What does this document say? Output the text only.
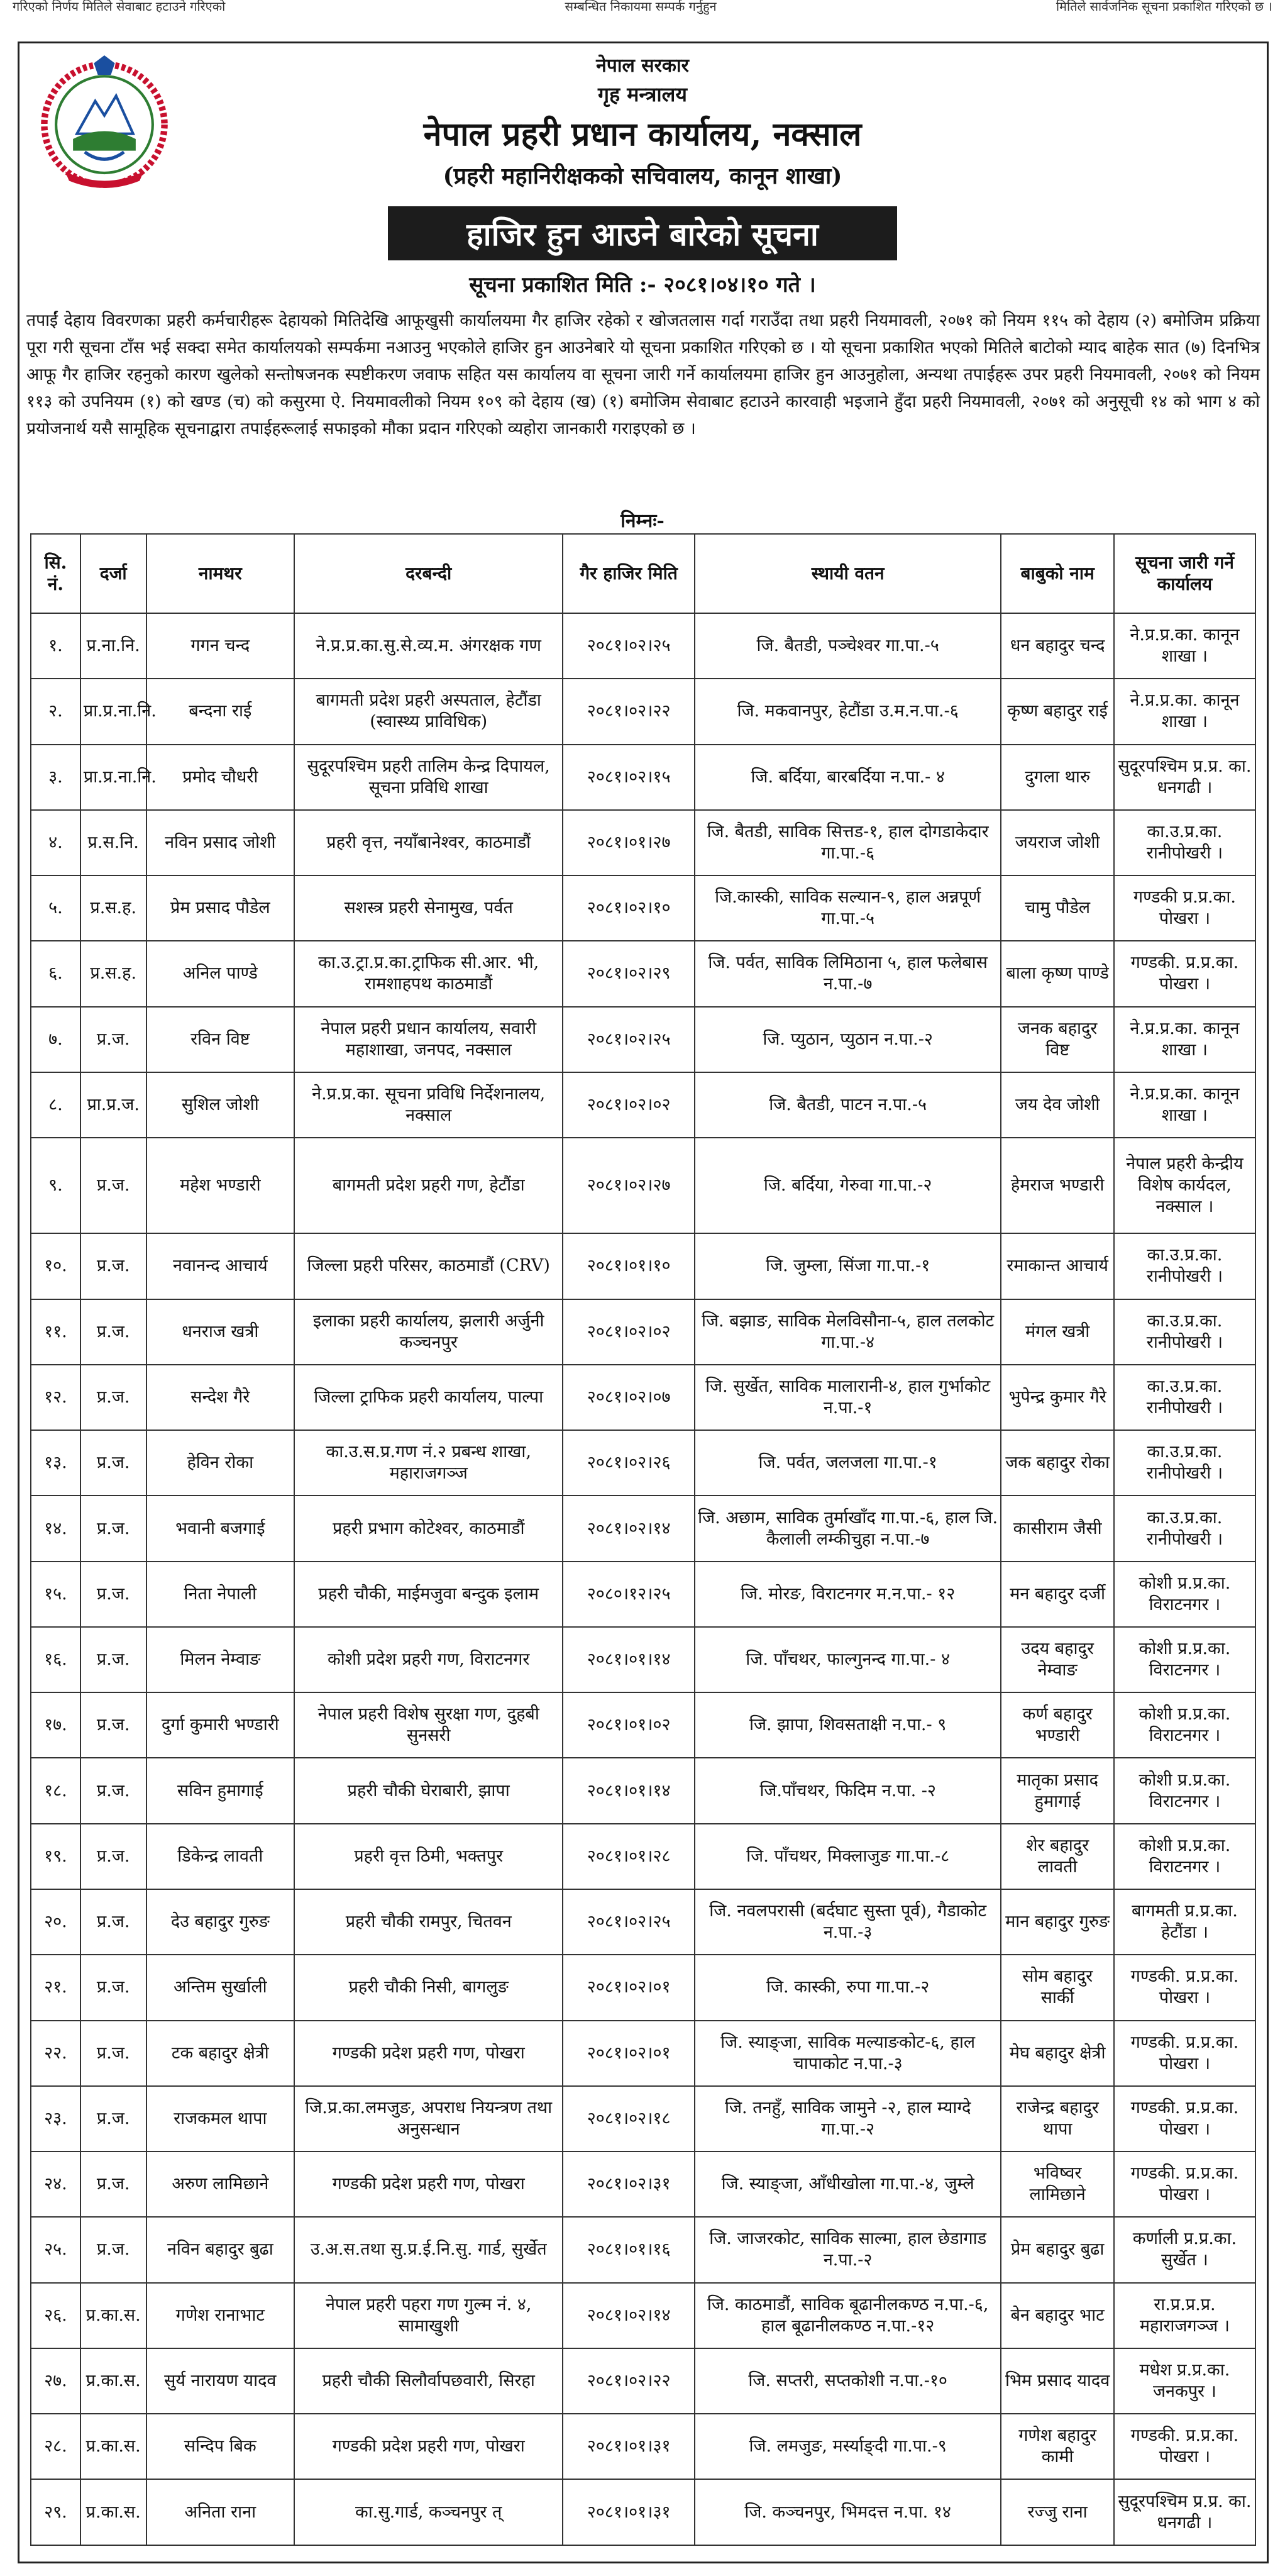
गरिएको निर्णय मितिले सेवाबाट हटाउने गरिएको	सम्बन्धित निकायमा सम्पर्क गर्नुहुन	मितिले सार्वजनिक सूचना प्रकाशित गरिएको छ ।
नेपाल सरकार
गृह मन्त्रालय
नेपाल प्रहरी प्रधान कार्यालय, नक्साल
(प्रहरी महानिरीक्षकको सचिवालय, कानून शाखा)
हाजिर हुन आउने बारेको सूचना
सूचना प्रकाशित मिति :- २०८१।०४।१० गते ।

तपाईं देहाय विवरणका प्रहरी कर्मचारीहरू देहायको मितिदेखि आफूखुसी कार्यालयमा गैर हाजिर रहेको र खोजतलास गर्दा गराउँदा तथा प्रहरी नियमावली, २०७१ को नियम ११५ को देहाय (२) बमोजिम प्रक्रिया पूरा गरी सूचना टाँस भई सक्दा समेत कार्यालयको सम्पर्कमा नआउनु भएकोले हाजिर हुन आउनेबारे यो सूचना प्रकाशित गरिएको छ । यो सूचना प्रकाशित भएको मितिले बाटोको म्याद बाहेक सात (७) दिनभित्र आफू गैर हाजिर रहनुको कारण खुलेको सन्तोषजनक स्पष्टीकरण जवाफ सहित यस कार्यालय वा सूचना जारी गर्ने कार्यालयमा हाजिर हुन आउनुहोला, अन्यथा तपाईहरू उपर प्रहरी नियमावली, २०७१ को नियम ११३ को उपनियम (१) को खण्ड (च) को कसुरमा ऐ. नियमावलीको नियम १०९ को देहाय (ख) (१) बमोजिम सेवाबाट हटाउने कारवाही भइजाने हुँदा प्रहरी नियमावली, २०७१ को अनुसूची १४ को भाग ४ को प्रयोजनार्थ यसै सामूहिक सूचनाद्वारा तपाईहरूलाई सफाइको मौका प्रदान गरिएको व्यहोरा जानकारी गराइएको छ ।

निम्नः-
सि. नं.	दर्जा	नामथर	दरबन्दी	गैर हाजिर मिति	स्थायी वतन	बाबुको नाम	सूचना जारी गर्ने कार्यालय
१.	प्र.ना.नि.	गगन चन्द	ने.प्र.प्र.का.सु.से.व्य.म. अंगरक्षक गण	२०८१।०२।२५	जि. बैतडी, पञ्चेश्वर गा.पा.-५	धन बहादुर चन्द	ने.प्र.प्र.का. कानून शाखा ।
२.	प्रा.प्र.ना.नि.	बन्दना राई	बागमती प्रदेश प्रहरी अस्पताल, हेटौंडा (स्वास्थ्य प्राविधिक)	२०८१।०२।२२	जि. मकवानपुर, हेटौंडा उ.म.न.पा.-६	कृष्ण बहादुर राई	ने.प्र.प्र.का. कानून शाखा ।
३.	प्रा.प्र.ना.नि.	प्रमोद चौधरी	सुदूरपश्चिम प्रहरी तालिम केन्द्र दिपायल, सूचना प्रविधि शाखा	२०८१।०२।१५	जि. बर्दिया, बारबर्दिया न.पा.- ४	दुगला थारु	सुदूरपश्चिम प्र.प्र. का. धनगढी ।
४.	प्र.स.नि.	नविन प्रसाद जोशी	प्रहरी वृत्त, नयाँबानेश्वर, काठमाडौं	२०८१।०१।२७	जि. बैतडी, साविक सित्तड-१, हाल दोगडाकेदार गा.पा.-६	जयराज जोशी	का.उ.प्र.का. रानीपोखरी ।
५.	प्र.स.ह.	प्रेम प्रसाद पौडेल	सशस्त्र प्रहरी सेनामुख, पर्वत	२०८१।०२।१०	जि.कास्की, साविक सल्यान-९, हाल अन्नपूर्ण गा.पा.-५	चामु पौडेल	गण्डकी प्र.प्र.का. पोखरा ।
६.	प्र.स.ह.	अनिल पाण्डे	का.उ.ट्रा.प्र.का.ट्राफिक सी.आर. भी, रामशाहपथ काठमाडौं	२०८१।०२।२९	जि. पर्वत, साविक लिमिठाना ५, हाल फलेबास न.पा.-७	बाला कृष्ण पाण्डे	गण्डकी. प्र.प्र.का. पोखरा ।
७.	प्र.ज.	रविन विष्ट	नेपाल प्रहरी प्रधान कार्यालय, सवारी महाशाखा, जनपद, नक्साल	२०८१।०२।२५	जि. प्युठान, प्युठान न.पा.-२	जनक बहादुर विष्ट	ने.प्र.प्र.का. कानून शाखा ।
८.	प्रा.प्र.ज.	सुशिल जोशी	ने.प्र.प्र.का. सूचना प्रविधि निर्देशनालय, नक्साल	२०८१।०२।०२	जि. बैतडी, पाटन न.पा.-५	जय देव जोशी	ने.प्र.प्र.का. कानून शाखा ।
९.	प्र.ज.	महेश भण्डारी	बागमती प्रदेश प्रहरी गण, हेटौंडा	२०८१।०२।२७	जि. बर्दिया, गेरुवा गा.पा.-२	हेमराज भण्डारी	नेपाल प्रहरी केन्द्रीय विशेष कार्यदल, नक्साल ।
१०.	प्र.ज.	नवानन्द आचार्य	जिल्ला प्रहरी परिसर, काठमाडौं (CRV)	२०८१।०१।१०	जि. जुम्ला, सिंजा गा.पा.-१	रमाकान्त आचार्य	का.उ.प्र.का. रानीपोखरी ।
११.	प्र.ज.	धनराज खत्री	इलाका प्रहरी कार्यालय, झलारी अर्जुनी कञ्चनपुर	२०८१।०२।०२	जि. बझाङ, साविक मेलविसौना-५, हाल तलकोट गा.पा.-४	मंगल खत्री	का.उ.प्र.का. रानीपोखरी ।
१२.	प्र.ज.	सन्देश गैरे	जिल्ला ट्राफिक प्रहरी कार्यालय, पाल्पा	२०८१।०२।०७	जि. सुर्खेत, साविक मालारानी-४, हाल गुर्भाकोट न.पा.-१	भुपेन्द्र कुमार गैरे	का.उ.प्र.का. रानीपोखरी ।
१३.	प्र.ज.	हेविन रोका	का.उ.स.प्र.गण नं.२ प्रबन्ध शाखा, महाराजगञ्ज	२०८१।०२।२६	जि. पर्वत, जलजला गा.पा.-१	जक बहादुर रोका	का.उ.प्र.का. रानीपोखरी ।
१४.	प्र.ज.	भवानी बजगाई	प्रहरी प्रभाग कोटेश्वर, काठमाडौं	२०८१।०२।१४	जि. अछाम, साविक तुर्माखाँद गा.पा.-६, हाल जि. कैलाली लम्कीचुहा न.पा.-७	कासीराम जैसी	का.उ.प्र.का. रानीपोखरी ।
१५.	प्र.ज.	निता नेपाली	प्रहरी चौकी, माईमजुवा बन्दुक इलाम	२०८०।१२।२५	जि. मोरङ, विराटनगर म.न.पा.- १२	मन बहादुर दर्जी	कोशी प्र.प्र.का. विराटनगर ।
१६.	प्र.ज.	मिलन नेम्वाङ	कोशी प्रदेश प्रहरी गण, विराटनगर	२०८१।०१।१४	जि. पाँचथर, फाल्गुनन्द गा.पा.- ४	उदय बहादुर नेम्वाङ	कोशी प्र.प्र.का. विराटनगर ।
१७.	प्र.ज.	दुर्गा कुमारी भण्डारी	नेपाल प्रहरी विशेष सुरक्षा गण, दुहबी सुनसरी	२०८१।०१।०२	जि. झापा, शिवसताक्षी न.पा.- ९	कर्ण बहादुर भण्डारी	कोशी प्र.प्र.का. विराटनगर ।
१८.	प्र.ज.	सविन हुमागाई	प्रहरी चौकी घेराबारी, झापा	२०८१।०१।१४	जि.पाँचथर, फिदिम न.पा. -२	मातृका प्रसाद हुमागाई	कोशी प्र.प्र.का. विराटनगर ।
१९.	प्र.ज.	डिकेन्द्र लावती	प्रहरी वृत्त ठिमी, भक्तपुर	२०८१।०१।२८	जि. पाँचथर, मिक्लाजुङ गा.पा.-८	शेर बहादुर लावती	कोशी प्र.प्र.का. विराटनगर ।
२०.	प्र.ज.	देउ बहादुर गुरुङ	प्रहरी चौकी रामपुर, चितवन	२०८१।०२।२५	जि. नवलपरासी (बर्दघाट सुस्ता पूर्व), गैडाकोट न.पा.-३	मान बहादुर गुरुङ	बागमती प्र.प्र.का. हेटौंडा ।
२१.	प्र.ज.	अन्तिम सुर्खाली	प्रहरी चौकी निसी, बागलुङ	२०८१।०२।०१	जि. कास्की, रुपा गा.पा.-२	सोम बहादुर सार्की	गण्डकी. प्र.प्र.का. पोखरा ।
२२.	प्र.ज.	टक बहादुर क्षेत्री	गण्डकी प्रदेश प्रहरी गण, पोखरा	२०८१।०२।०१	जि. स्याङ्जा, साविक मल्याङकोट-६, हाल चापाकोट न.पा.-३	मेघ बहादुर क्षेत्री	गण्डकी. प्र.प्र.का. पोखरा ।
२३.	प्र.ज.	राजकमल थापा	जि.प्र.का.लमजुङ, अपराध नियन्त्रण तथा अनुसन्धान	२०८१।०२।१८	जि. तनहुँ, साविक जामुने -२, हाल म्याग्दे गा.पा.-२	राजेन्द्र बहादुर थापा	गण्डकी. प्र.प्र.का. पोखरा ।
२४.	प्र.ज.	अरुण लामिछाने	गण्डकी प्रदेश प्रहरी गण, पोखरा	२०८१।०२।३१	जि. स्याङ्जा, आँधीखोला गा.पा.-४, जुम्ले	भविष्वर लामिछाने	गण्डकी. प्र.प्र.का. पोखरा ।
२५.	प्र.ज.	नविन बहादुर बुढा	उ.अ.स.तथा सु.प्र.ई.नि.सु. गार्ड, सुर्खेत	२०८१।०१।१६	जि. जाजरकोट, साविक साल्मा, हाल छेडागाड न.पा.-२	प्रेम बहादुर बुढा	कर्णाली प्र.प्र.का. सुर्खेत ।
२६.	प्र.का.स.	गणेश रानाभाट	नेपाल प्रहरी पहरा गण गुल्म नं. ४, सामाखुशी	२०८१।०२।१४	जि. काठमाडौं, साविक बूढानीलकण्ठ न.पा.-६, हाल बूढानीलकण्ठ न.पा.-१२	बेन बहादुर भाट	रा.प्र.प्र.प्र. महाराजगञ्ज ।
२७.	प्र.का.स.	सुर्य नारायण यादव	प्रहरी चौकी सिलौर्वापछवारी, सिरहा	२०८१।०२।२२	जि. सप्तरी, सप्तकोशी न.पा.-१०	भिम प्रसाद यादव	मधेश प्र.प्र.का. जनकपुर ।
२८.	प्र.का.स.	सन्दिप बिक	गण्डकी प्रदेश प्रहरी गण, पोखरा	२०८१।०१।३१	जि. लमजुङ, मर्स्याङ्दी गा.पा.-९	गणेश बहादुर कामी	गण्डकी. प्र.प्र.का. पोखरा ।
२९.	प्र.का.स.	अनिता राना	का.सु.गार्ड, कञ्चनपुर त्	२०८१।०१।३१	जि. कञ्चनपुर, भिमदत्त न.पा. १४	रज्जु राना	सुदूरपश्चिम प्र.प्र. का. धनगढी ।
